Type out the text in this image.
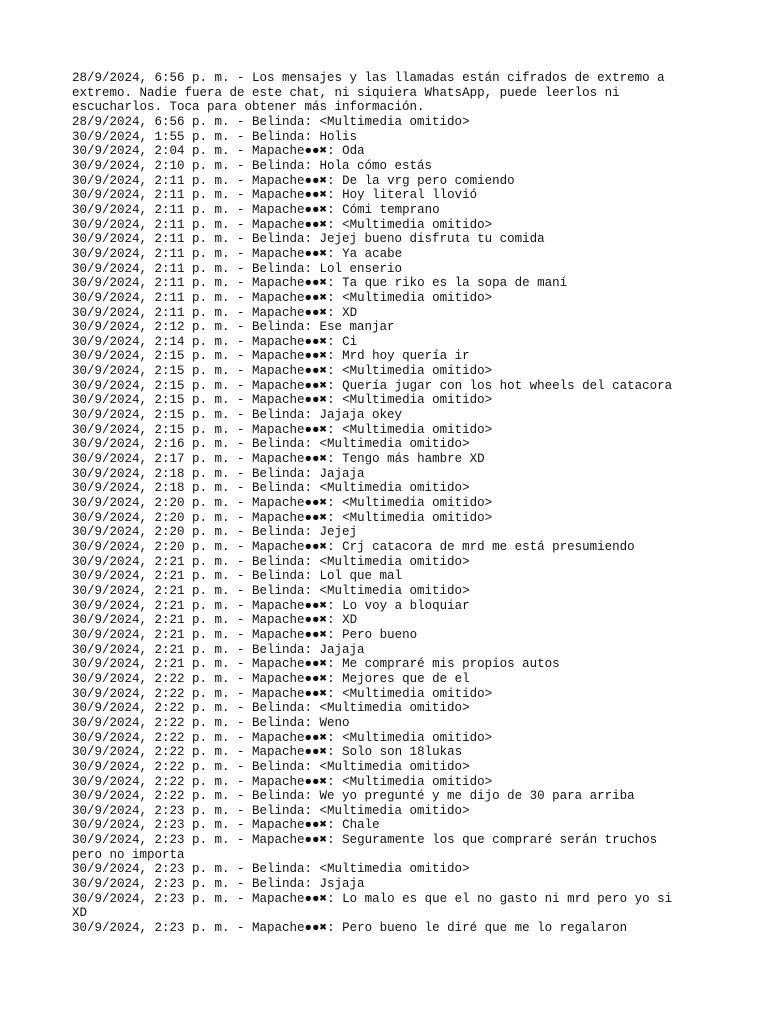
28/9/2024, 6:56 p. m. - Los mensajes y las llamadas están cifrados de extremo a extremo. Nadie fuera de este chat, ni siquiera WhatsApp, puede leerlos ni escucharlos. Toca para obtener más información.
28/9/2024, 6:56 p. m. - Belinda: <Multimedia omitido>
30/9/2024, 1:55 p. m. - Belinda: Holis
30/9/2024, 2:04 p. m. - Mapache●●✖: Oda
30/9/2024, 2:10 p. m. - Belinda: Hola cómo estás
30/9/2024, 2:11 p. m. - Mapache●●✖: De la vrg pero comiendo
30/9/2024, 2:11 p. m. - Mapache●●✖: Hoy literal llovió
30/9/2024, 2:11 p. m. - Mapache●●✖: Cómi temprano
30/9/2024, 2:11 p. m. - Mapache●●✖: <Multimedia omitido>
30/9/2024, 2:11 p. m. - Belinda: Jejej bueno disfruta tu comida
30/9/2024, 2:11 p. m. - Mapache●●✖: Ya acabe
30/9/2024, 2:11 p. m. - Belinda: Lol enserio
30/9/2024, 2:11 p. m. - Mapache●●✖: Ta que riko es la sopa de maní
30/9/2024, 2:11 p. m. - Mapache●●✖: <Multimedia omitido>
30/9/2024, 2:11 p. m. - Mapache●●✖: XD
30/9/2024, 2:12 p. m. - Belinda: Ese manjar
30/9/2024, 2:14 p. m. - Mapache●●✖: Ci
30/9/2024, 2:15 p. m. - Mapache●●✖: Mrd hoy quería ir
30/9/2024, 2:15 p. m. - Mapache●●✖: <Multimedia omitido>
30/9/2024, 2:15 p. m. - Mapache●●✖: Quería jugar con los hot wheels del catacora
30/9/2024, 2:15 p. m. - Mapache●●✖: <Multimedia omitido>
30/9/2024, 2:15 p. m. - Belinda: Jajaja okey
30/9/2024, 2:15 p. m. - Mapache●●✖: <Multimedia omitido>
30/9/2024, 2:16 p. m. - Belinda: <Multimedia omitido>
30/9/2024, 2:17 p. m. - Mapache●●✖: Tengo más hambre XD
30/9/2024, 2:18 p. m. - Belinda: Jajaja
30/9/2024, 2:18 p. m. - Belinda: <Multimedia omitido>
30/9/2024, 2:20 p. m. - Mapache●●✖: <Multimedia omitido>
30/9/2024, 2:20 p. m. - Mapache●●✖: <Multimedia omitido>
30/9/2024, 2:20 p. m. - Belinda: Jejej
30/9/2024, 2:20 p. m. - Mapache●●✖: Crj catacora de mrd me está presumiendo
30/9/2024, 2:21 p. m. - Belinda: <Multimedia omitido>
30/9/2024, 2:21 p. m. - Belinda: Lol que mal
30/9/2024, 2:21 p. m. - Belinda: <Multimedia omitido>
30/9/2024, 2:21 p. m. - Mapache●●✖: Lo voy a bloquiar
30/9/2024, 2:21 p. m. - Mapache●●✖: XD
30/9/2024, 2:21 p. m. - Mapache●●✖: Pero bueno
30/9/2024, 2:21 p. m. - Belinda: Jajaja
30/9/2024, 2:21 p. m. - Mapache●●✖: Me compraré mis propios autos
30/9/2024, 2:22 p. m. - Mapache●●✖: Mejores que de el
30/9/2024, 2:22 p. m. - Mapache●●✖: <Multimedia omitido>
30/9/2024, 2:22 p. m. - Belinda: <Multimedia omitido>
30/9/2024, 2:22 p. m. - Belinda: Weno
30/9/2024, 2:22 p. m. - Mapache●●✖: <Multimedia omitido>
30/9/2024, 2:22 p. m. - Mapache●●✖: Solo son 18lukas
30/9/2024, 2:22 p. m. - Belinda: <Multimedia omitido>
30/9/2024, 2:22 p. m. - Mapache●●✖: <Multimedia omitido>
30/9/2024, 2:22 p. m. - Belinda: We yo pregunté y me dijo de 30 para arriba
30/9/2024, 2:23 p. m. - Belinda: <Multimedia omitido>
30/9/2024, 2:23 p. m. - Mapache●●✖: Chale
30/9/2024, 2:23 p. m. - Mapache●●✖: Seguramente los que compraré serán truchos pero no importa
30/9/2024, 2:23 p. m. - Belinda: <Multimedia omitido>
30/9/2024, 2:23 p. m. - Belinda: Jsjaja
30/9/2024, 2:23 p. m. - Mapache●●✖: Lo malo es que el no gasto ni mrd pero yo si XD
30/9/2024, 2:23 p. m. - Mapache●●✖: Pero bueno le diré que me lo regalaron
